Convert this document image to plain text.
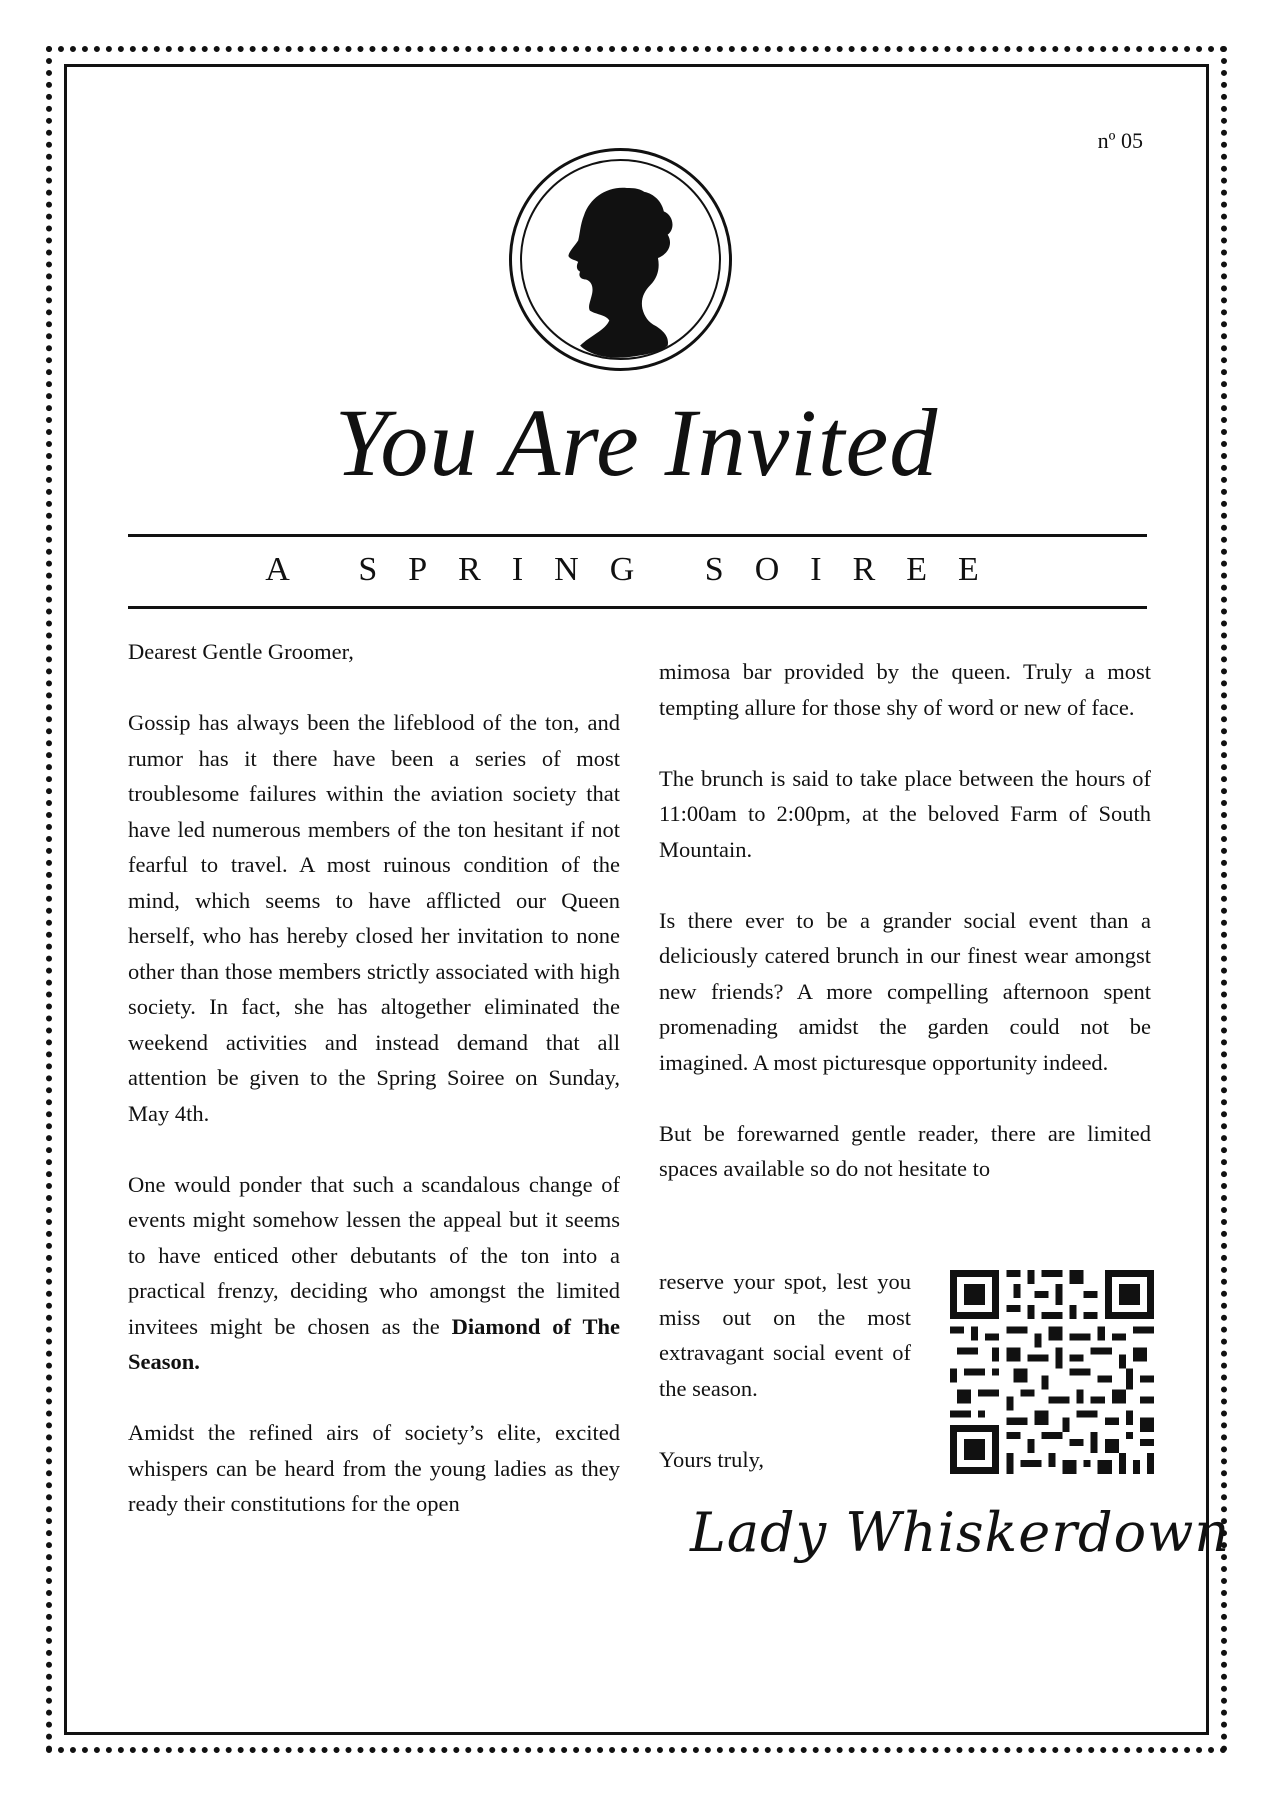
nº 05
You Are Invited
A SPRING SOIREE

Dearest Gentle Groomer,

Gossip has always been the lifeblood of the ton, and rumor has it there have been a series of most troublesome failures within the aviation society that have led numerous members of the ton hesitant if not fearful to travel. A most ruinous condition of the mind, which seems to have afflicted our Queen herself, who has hereby closed her invitation to none other than those members strictly associated with high society. In fact, she has altogether eliminated the weekend activities and instead demand that all attention be given to the Spring Soiree on Sunday, May 4th.

One would ponder that such a scandalous change of events might somehow lessen the appeal but it seems to have enticed other debutants of the ton into a practical frenzy, deciding who amongst the limited invitees might be chosen as the Diamond of The Season.

Amidst the refined airs of society’s elite, excited whispers can be heard from the young ladies as they ready their constitutions for the open

mimosa bar provided by the queen. Truly a most tempting allure for those shy of word or new of face.

The brunch is said to take place between the hours of 11:00am to 2:00pm, at the beloved Farm of South Mountain.

Is there ever to be a grander social event than a deliciously catered brunch in our finest wear amongst new friends? A more compelling afternoon spent promenading amidst the garden could not be imagined. A most picturesque opportunity indeed.

But be forewarned gentle reader, there are limited spaces available so do not hesitate to

reserve your spot, lest you miss out on the most extravagant social event of the season.

Yours truly,

Lady Whiskerdown
